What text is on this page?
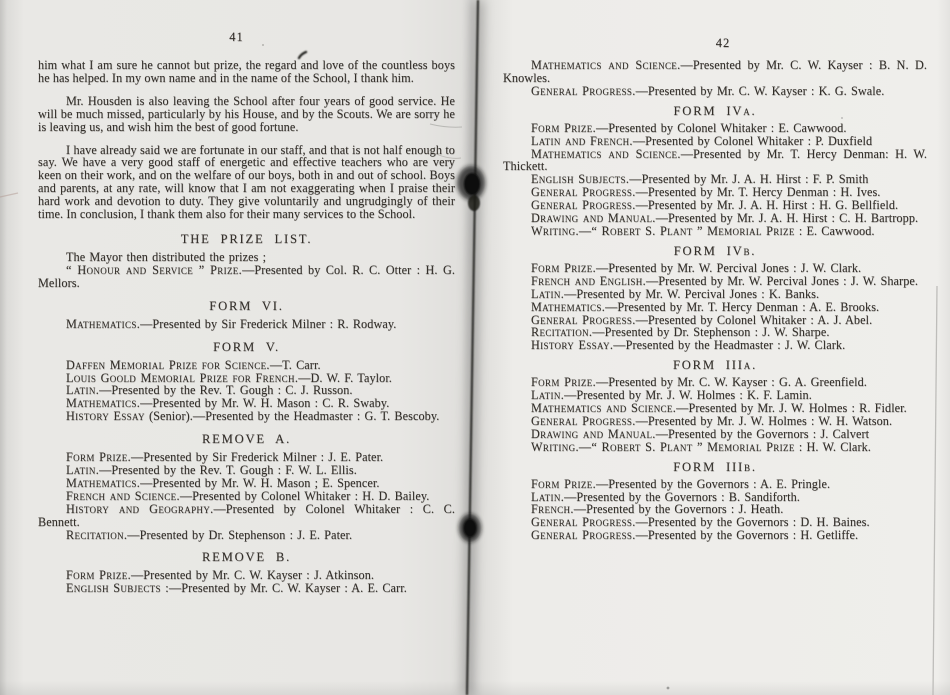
41

him what I am sure he cannot but prize, the regard and love of the countless boys he has helped. In my own name and in the name of the School, I thank him.

Mr. Housden is also leaving the School after four years of good service. He will be much missed, particularly by his House, and by the Scouts. We are sorry he is leaving us, and wish him the best of good fortune.

I have already said we are fortunate in our staff, and that is not half enough to say. We have a very good staff of energetic and effective teachers who are very keen on their work, and on the welfare of our boys, both in and out of school. Boys and parents, at any rate, will know that I am not exaggerating when I praise their hard work and devotion to duty. They give voluntarily and ungrudgingly of their time. In conclusion, I thank them also for their many services to the School.

THE PRIZE LIST.

The Mayor then distributed the prizes ;

“ Honour and Service ” Prize.—Presented by Col. R. C. Otter : H. G. Mellors.

FORM VI.

Mathematics.—Presented by Sir Frederick Milner : R. Rodway.

FORM V.

Daffen Memorial Prize for Science.—T. Carr.

Louis Goold Memorial Prize for French.—D. W. F. Taylor.

Latin.—Presented by the Rev. T. Gough : C. J. Russon.

Mathematics.—Presented by Mr. W. H. Mason : C. R. Swaby.

History Essay (Senior).—Presented by the Headmaster : G. T. Bescoby.

REMOVE A.

Form Prize.—Presented by Sir Frederick Milner : J. E. Pater.

Latin.—Presented by the Rev. T. Gough : F. W. L. Ellis.

Mathematics.—Presented by Mr. W. H. Mason ; E. Spencer.

French and Science.—Presented by Colonel Whitaker : H. D. Bailey.

History and Geography.—Presented by Colonel Whitaker : C. C. Bennett.

Recitation.—Presented by Dr. Stephenson : J. E. Pater.

REMOVE B.

Form Prize.—Presented by Mr. C. W. Kayser : J. Atkinson.

English Subjects :—Presented by Mr. C. W. Kayser : A. E. Carr.

42

Mathematics and Science.—Presented by Mr. C. W. Kayser : B. N. D. Knowles.

General Progress.—Presented by Mr. C. W. Kayser : K. G. Swale.

FORM IVa.

Form Prize.—Presented by Colonel Whitaker : E. Cawwood.

Latin and French.—Presented by Colonel Whitaker : P. Duxfield

Mathematics and Science.—Presented by Mr. T. Hercy Denman: H. W. Thickett.

English Subjects.—Presented by Mr. J. A. H. Hirst : F. P. Smith

General Progress.—Presented by Mr. T. Hercy Denman : H. Ives.

General Progress.—Presented by Mr. J. A. H. Hirst : H. G. Bellfield.

Drawing and Manual.—Presented by Mr. J. A. H. Hirst : C. H. Bartropp.

Writing.—“ Robert S. Plant ” Memorial Prize : E. Cawwood.

FORM IVb.

Form Prize.—Presented by Mr. W. Percival Jones : J. W. Clark.

French and English.—Presented by Mr. W. Percival Jones : J. W. Sharpe.

Latin.—Presented by Mr. W. Percival Jones : K. Banks.

Mathematics.—Presented by Mr. T. Hercy Denman : A. E. Brooks.

General Progress.—Presented by Colonel Whitaker : A. J. Abel.

Recitation.—Presented by Dr. Stephenson : J. W. Sharpe.

History Essay.—Presented by the Headmaster : J. W. Clark.

FORM IIIa.

Form Prize.—Presented by Mr. C. W. Kayser : G. A. Greenfield.

Latin.—Presented by Mr. J. W. Holmes : K. F. Lamin.

Mathematics and Science.—Presented by Mr. J. W. Holmes : R. Fidler.

General Progress.—Presented by Mr. J. W. Holmes : W. H. Watson.

Drawing and Manual.—Presented by the Governors : J. Calvert

Writing.—“ Robert S. Plant ” Memorial Prize : H. W. Clark.

FORM IIIb.

Form Prize.—Presented by the Governors : A. E. Pringle.

Latin.—Presented by the Governors : B. Sandiforth.

French.—Presented by the Governors : J. Heath.

General Progress.—Presented by the Governors : D. H. Baines.

General Progress.—Presented by the Governors : H. Getliffe.
